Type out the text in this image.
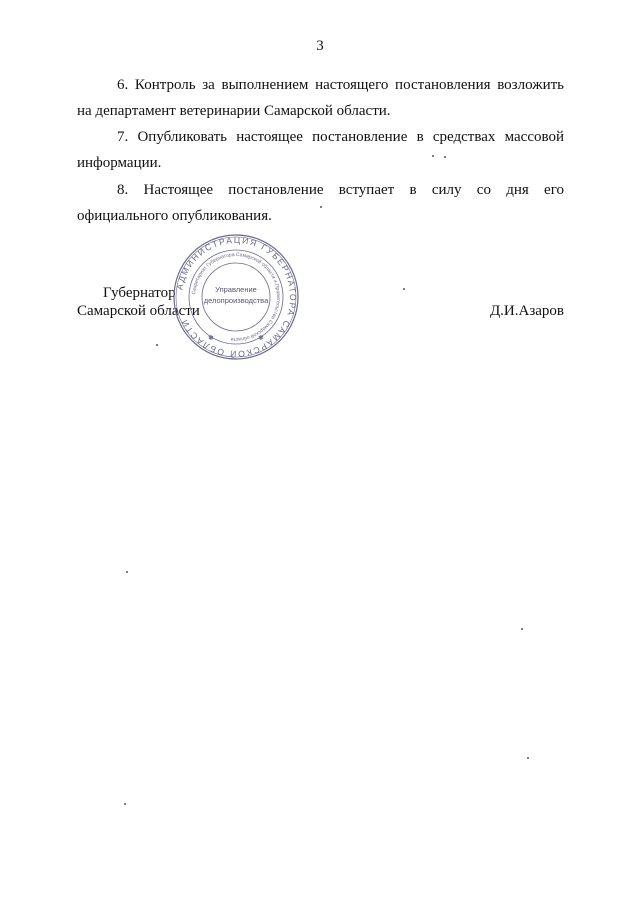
3
6. Контроль за выполнением настоящего постановления возложить
на департамент ветеринарии Самарской области.
7. Опубликовать настоящее постановление в средствах массовой
информации.
8. Настоящее постановление вступает в силу со дня его
официального опубликования.
Губернатор
Самарской области	Д.И.Азаров
АДМИНИСТРАЦИЯ ГУБЕРНАТОРА САМАРСКОЙ ОБЛАСТИ
Секретариат Губернатора Самарской области и Правительства Самарской области
Управление
делопроизводства
✱	✱
